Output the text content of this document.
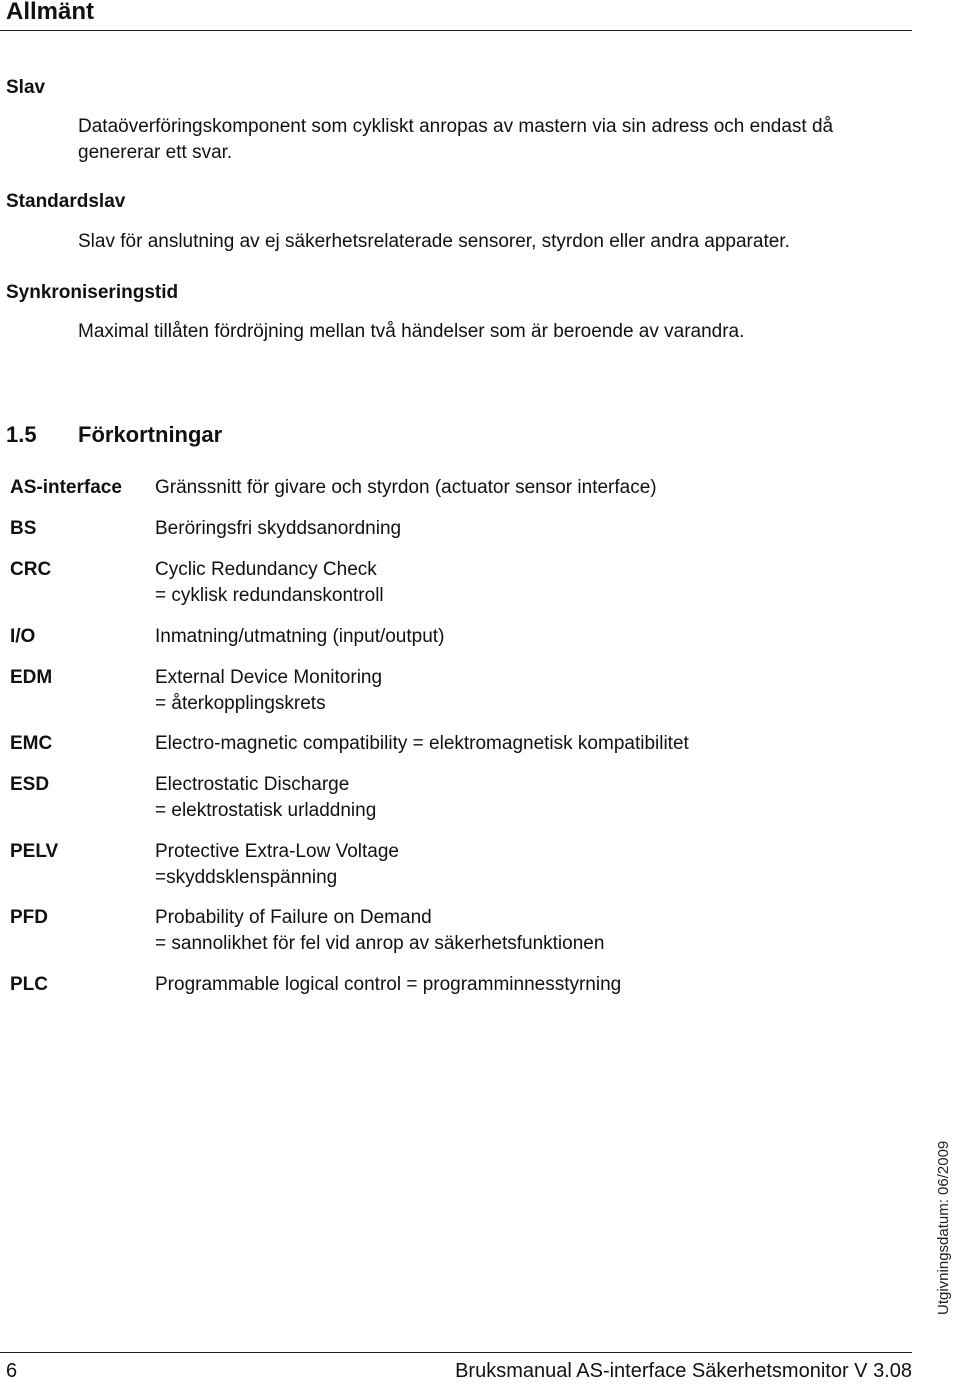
Allmänt
Slav
Dataöverföringskomponent som cykliskt anropas av mastern via sin adress och endast då genererar ett svar.
Standardslav
Slav för anslutning av ej säkerhetsrelaterade sensorer, styrdon eller andra apparater.
Synkroniseringstid
Maximal tillåten fördröjning mellan två händelser som är beroende av varandra.
1.5 Förkortningar
AS-interface Gränssnitt för givare och styrdon (actuator sensor interface)
BS	Beröringsfri skyddsanordning
CRC	Cyclic Redundancy Check
= cyklisk redundanskontroll
I/O	Inmatning/utmatning (input/output)
EDM	External Device Monitoring
= återkopplingskrets
EMC	Electro-magnetic compatibility = elektromagnetisk kompatibilitet
ESD	Electrostatic Discharge
= elektrostatisk urladdning
PELV	Protective Extra-Low Voltage
=skyddsklenspänning
PFD	Probability of Failure on Demand
= sannolikhet för fel vid anrop av säkerhetsfunktionen
PLC	Programmable logical control = programminnesstyrning
Utgivningsdatum: 06/2009
6	Bruksmanual AS-interface Säkerhetsmonitor V 3.08
